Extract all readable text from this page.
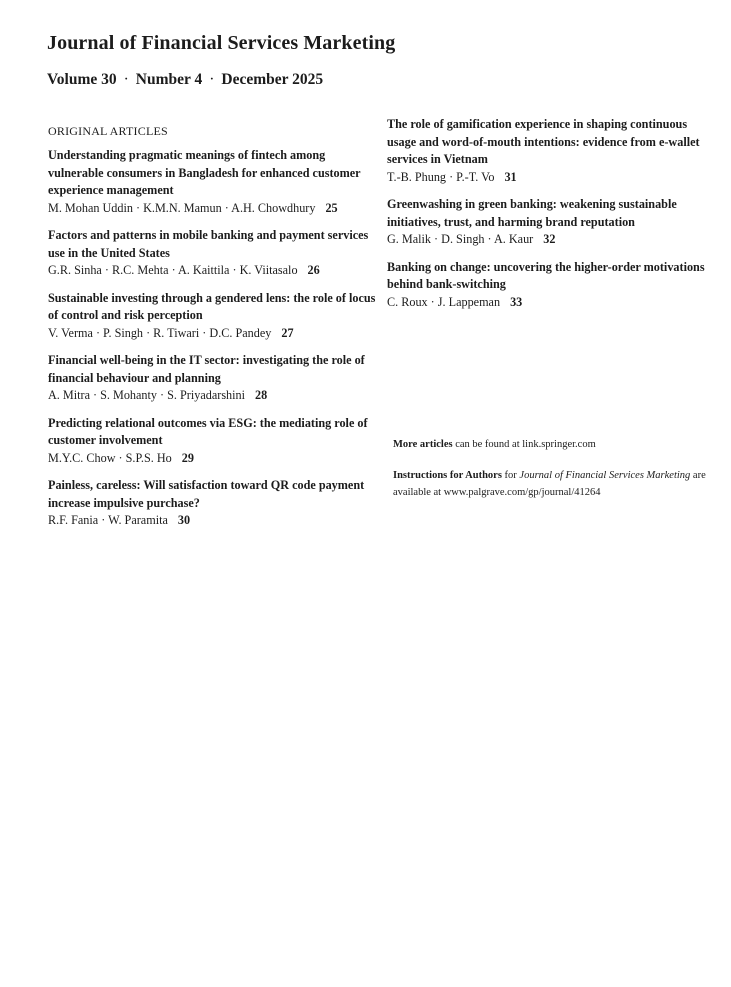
Journal of Financial Services Marketing
Volume 30 · Number 4 · December 2025
ORIGINAL ARTICLES
Understanding pragmatic meanings of fintech among vulnerable consumers in Bangladesh for enhanced customer experience management
M. Mohan Uddin · K.M.N. Mamun · A.H. Chowdhury 25
Factors and patterns in mobile banking and payment services use in the United States
G.R. Sinha · R.C. Mehta · A. Kaittila · K. Viitasalo 26
Sustainable investing through a gendered lens: the role of locus of control and risk perception
V. Verma · P. Singh · R. Tiwari · D.C. Pandey 27
Financial well-being in the IT sector: investigating the role of financial behaviour and planning
A. Mitra · S. Mohanty · S. Priyadarshini 28
Predicting relational outcomes via ESG: the mediating role of customer involvement
M.Y.C. Chow · S.P.S. Ho 29
Painless, careless: Will satisfaction toward QR code payment increase impulsive purchase?
R.F. Fania · W. Paramita 30
The role of gamification experience in shaping continuous usage and word-of-mouth intentions: evidence from e-wallet services in Vietnam
T.-B. Phung · P.-T. Vo 31
Greenwashing in green banking: weakening sustainable initiatives, trust, and harming brand reputation
G. Malik · D. Singh · A. Kaur 32
Banking on change: uncovering the higher-order motivations behind bank-switching
C. Roux · J. Lappeman 33
More articles can be found at link.springer.com
Instructions for Authors for Journal of Financial Services Marketing are available at www.palgrave.com/gp/journal/41264
